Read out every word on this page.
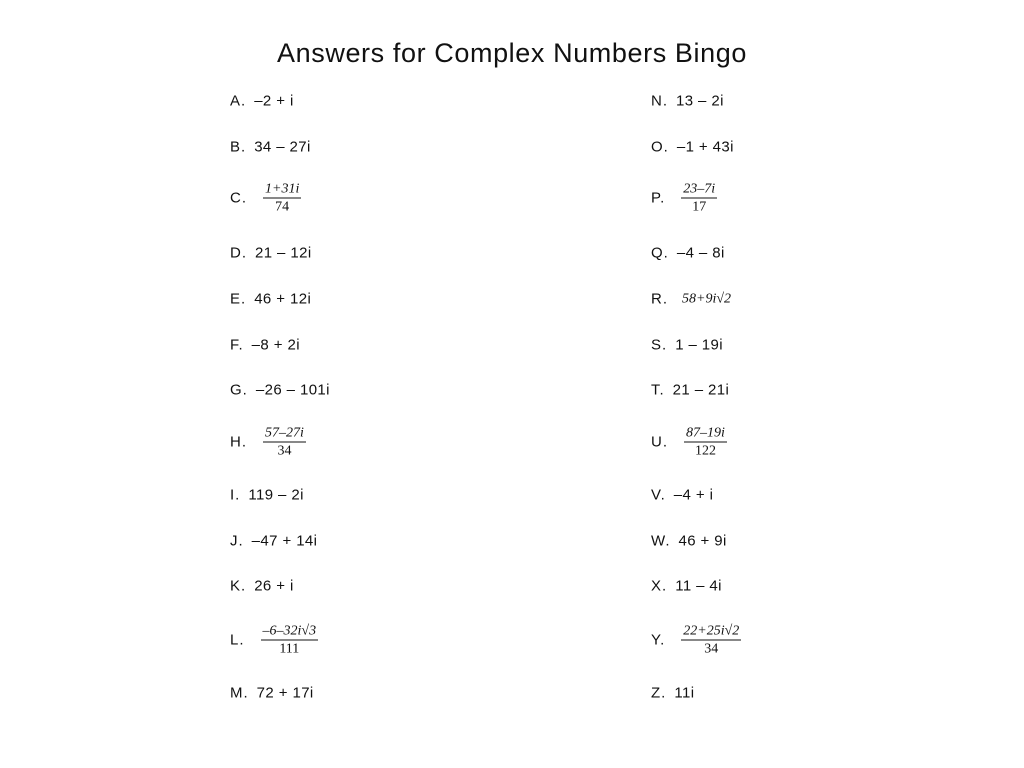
Answers for Complex Numbers Bingo
A. –2 + i
B. 34 – 27i
C. $\frac{1+31i}{74}$
D. 21 – 12i
E. 46 + 12i
F. –8 + 2i
G. –26 – 101i
H. $\frac{57-27i}{34}$
I. 119 – 2i
J. –47 + 14i
K. 26 + i
L. $\frac{-6-32i√3}{111}$
M. 72 + 17i
N. 13 – 2i
O. –1 + 43i
P. $\frac{23-7i}{17}$
Q. –4 – 8i
R. 58+9i√2
S. 1 – 19i
T. 21 – 21i
U. $\frac{87-19i}{122}$
V. –4 + i
W. 46 + 9i
X. 11 – 4i
Y. $\frac{22+25i√2}{34}$
Z. 11i
